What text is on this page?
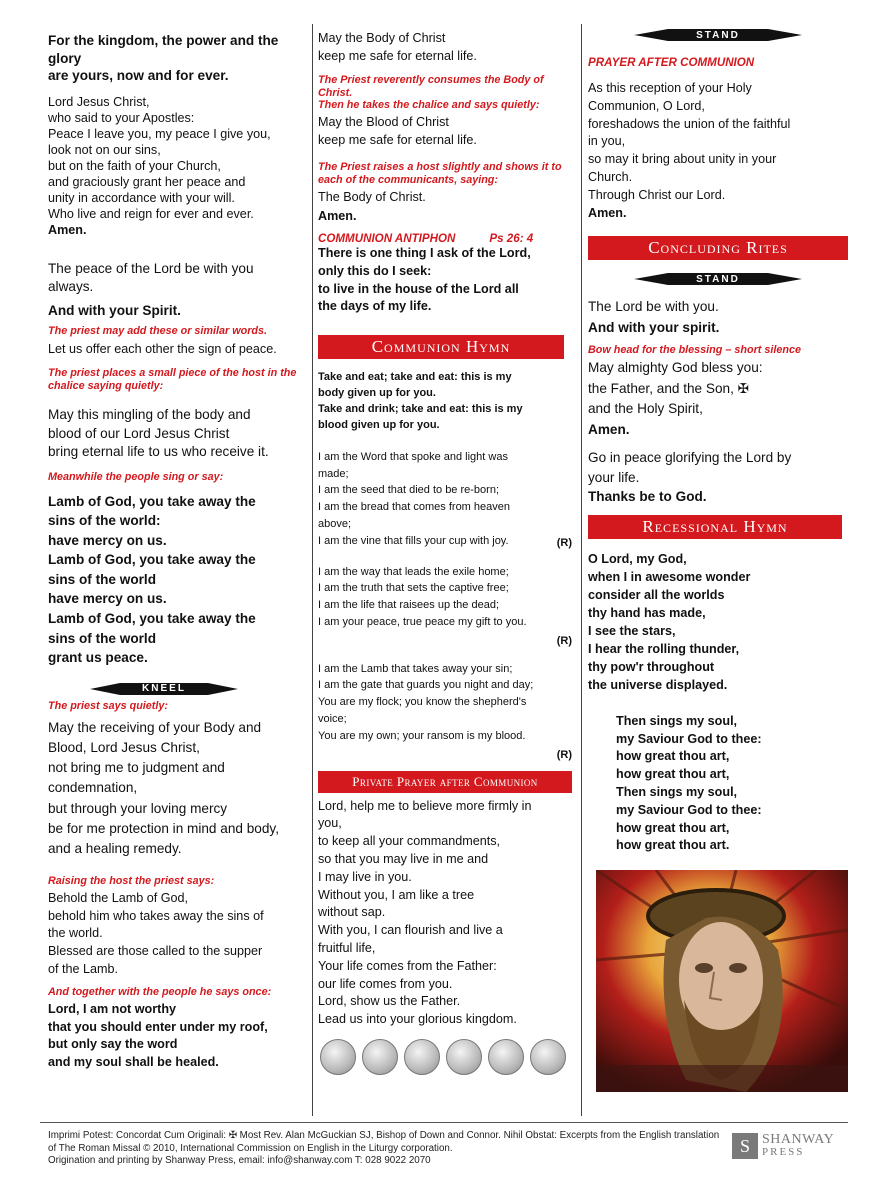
For the kingdom, the power and the
glory
are yours, now and for ever.

Lord Jesus Christ,
who said to your Apostles:
Peace I leave you, my peace I give you,
look not on our sins,
but on the faith of your Church,
and graciously grant her peace and
unity in accordance with your will.
Who live and reign for ever and ever.

Amen.

The peace of the Lord be with you
always.

And with your Spirit.

The priest may add these or similar words.

Let us offer each other the sign of peace.

The priest places a small piece of the host in the chalice saying quietly:

May this mingling of the body and
blood of our Lord Jesus Christ
bring eternal life to us who receive it.

Meanwhile the people sing or say:

Lamb of God, you take away the
sins of the world:
have mercy on us.
Lamb of God, you take away the
sins of the world
have mercy on us.
Lamb of God, you take away the
sins of the world
grant us peace.

KNEEL

The priest says quietly:

May the receiving of your Body and
Blood, Lord Jesus Christ,
not bring me to judgment and
condemnation,
but through your loving mercy
be for me protection in mind and body,
and a healing remedy.

Raising the host the priest says:

Behold the Lamb of God,
behold him who takes away the sins of
the world.
Blessed are those called to the supper
of the Lamb.

And together with the people he says once:

Lord, I am not worthy
that you should enter under my roof,
but only say the word
and my soul shall be healed.

May the Body of Christ
keep me safe for eternal life.

The Priest reverently consumes the Body of
Christ.
Then he takes the chalice and says quietly:

May the Blood of Christ
keep me safe for eternal life.

The Priest raises a host slightly and shows it to each of the communicants, saying:

The Body of Christ.

Amen.

COMMUNION ANTIPHON	Ps 26: 4

There is one thing I ask of the Lord,
only this do I seek:
to live in the house of the Lord all
the days of my life.

Communion Hymn

Take and eat; take and eat: this is my
body given up for you.
Take and drink; take and eat: this is my
blood given up for you.

I am the Word that spoke and light was
made;
I am the seed that died to be re-born;
I am the bread that comes from heaven
above;
I am the vine that fills your cup with joy.	(R)

I am the way that leads the exile home;
I am the truth that sets the captive free;
I am the life that raisees up the dead;
I am your peace, true peace my gift to you.

(R)

I am the Lamb that takes away your sin;
I am the gate that guards you night and day;
You are my flock; you know the shepherd's
voice;
You are my own; your ransom is my blood.

(R)
Private Prayer after Communion

Lord, help me to believe more firmly in
you,
to keep all your commandments,
so that you may live in me and
I may live in you.
Without you, I am like a tree
without sap.
With you, I can flourish and live a
fruitful life,
Your life comes from the Father:
our life comes from you.
Lord, show us the Father.
Lead us into your glorious kingdom.

STAND

PRAYER AFTER COMMUNION

As this reception of your Holy
Communion, O Lord,
foreshadows the union of the faithful
in you,
so may it bring about unity in your
Church.
Through Christ our Lord.

Amen.

Concluding Rites
STAND

The Lord be with you.

And with your spirit.

Bow head for the blessing – short silence

May almighty God bless you:
the Father, and the Son, ✠
and the Holy Spirit,

Amen.

Go in peace glorifying the Lord by
your life.

Thanks be to God.

Recessional Hymn

O Lord, my God,
when I in awesome wonder
consider all the worlds
thy hand has made,
I see the stars,
I hear the rolling thunder,
thy pow'r throughout
the universe displayed.

Then sings my soul,
my Saviour God to thee:
how great thou art,
how great thou art,
Then sings my soul,
my Saviour God to thee:
how great thou art,
how great thou art.

Imprimi Potest: Concordat Cum Originali: ✠ Most Rev. Alan McGuckian SJ, Bishop of Down and Connor. Nihil Obstat: Excerpts from the English translation of The Roman Missal © 2010, International Commission on English in the Liturgy corporation.
Origination and printing by Shanway Press, email: info@shanway.com T: 028 9022 2070

S SHANWAY
PRESS
